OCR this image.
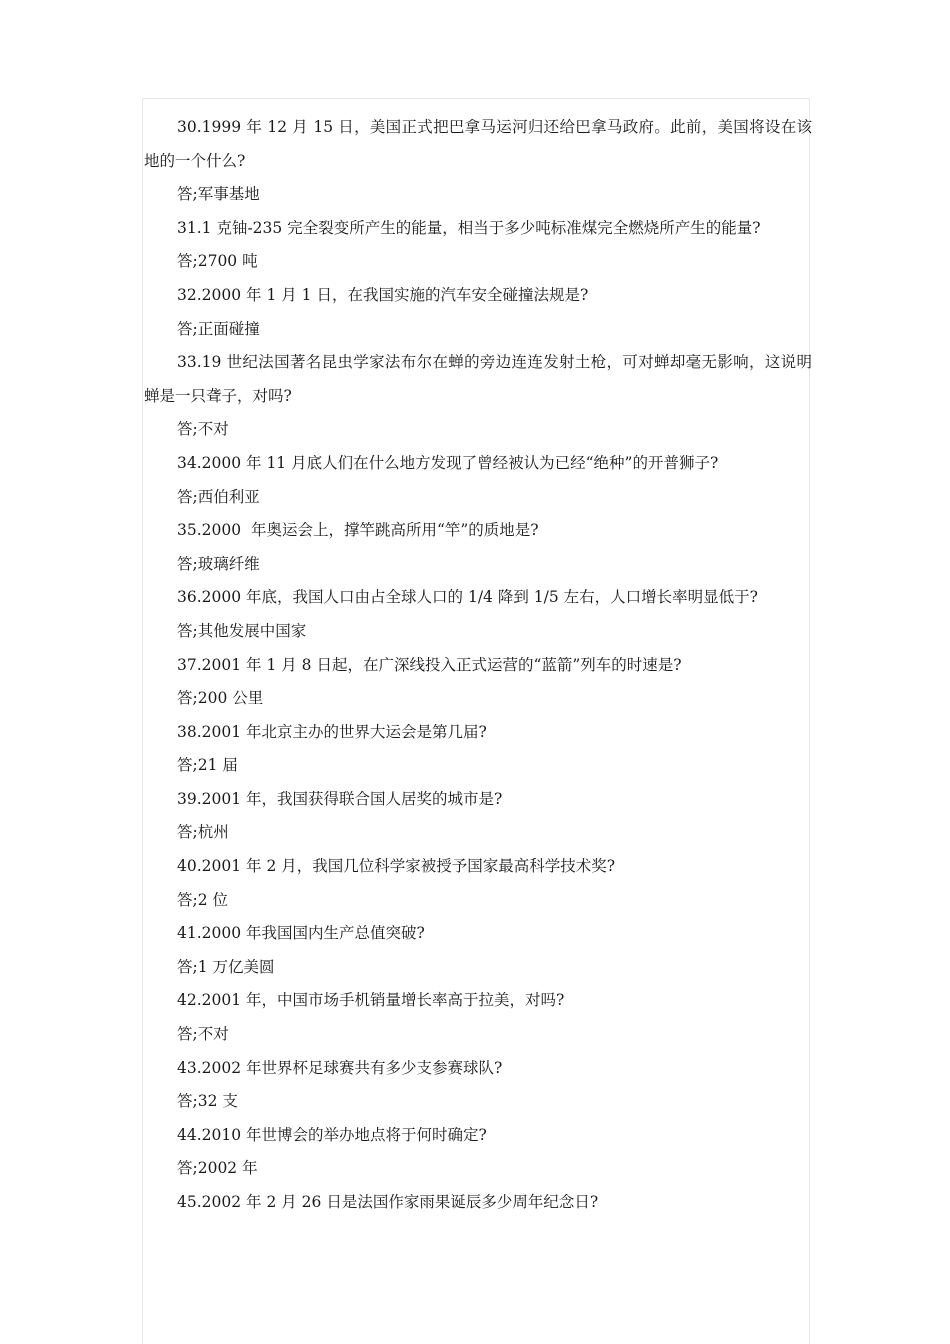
30.1999 年 12 月 15 日，美国正式把巴拿马运河归还给巴拿马政府。此前，美国将设在该地的一个什么?

答;军事基地

31.1 克铀-235 完全裂变所产生的能量，相当于多少吨标准煤完全燃烧所产生的能量?

答;2700 吨

32.2000 年 1 月 1 日，在我国实施的汽车安全碰撞法规是?

答;正面碰撞

33.19 世纪法国著名昆虫学家法布尔在蝉的旁边连连发射土枪，可对蝉却毫无影响，这说明蝉是一只聋子，对吗?

答;不对

34.2000 年 11 月底人们在什么地方发现了曾经被认为已经“绝种”的开普狮子?

答;西伯利亚

35.2000  年奥运会上，撑竿跳高所用“竿”的质地是?

答;玻璃纤维

36.2000 年底，我国人口由占全球人口的 1/4 降到 1/5 左右，人口增长率明显低于?

答;其他发展中国家

37.2001 年 1 月 8 日起，在广深线投入正式运营的“蓝箭”列车的时速是?

答;200 公里

38.2001 年北京主办的世界大运会是第几届?

答;21 届

39.2001 年，我国获得联合国人居奖的城市是?

答;杭州

40.2001 年 2 月，我国几位科学家被授予国家最高科学技术奖?

答;2 位

41.2000 年我国国内生产总值突破?

答;1 万亿美圆

42.2001 年，中国市场手机销量增长率高于拉美，对吗?

答;不对

43.2002 年世界杯足球赛共有多少支参赛球队?

答;32 支

44.2010 年世博会的举办地点将于何时确定?

答;2002 年

45.2002 年 2 月 26 日是法国作家雨果诞辰多少周年纪念日?
